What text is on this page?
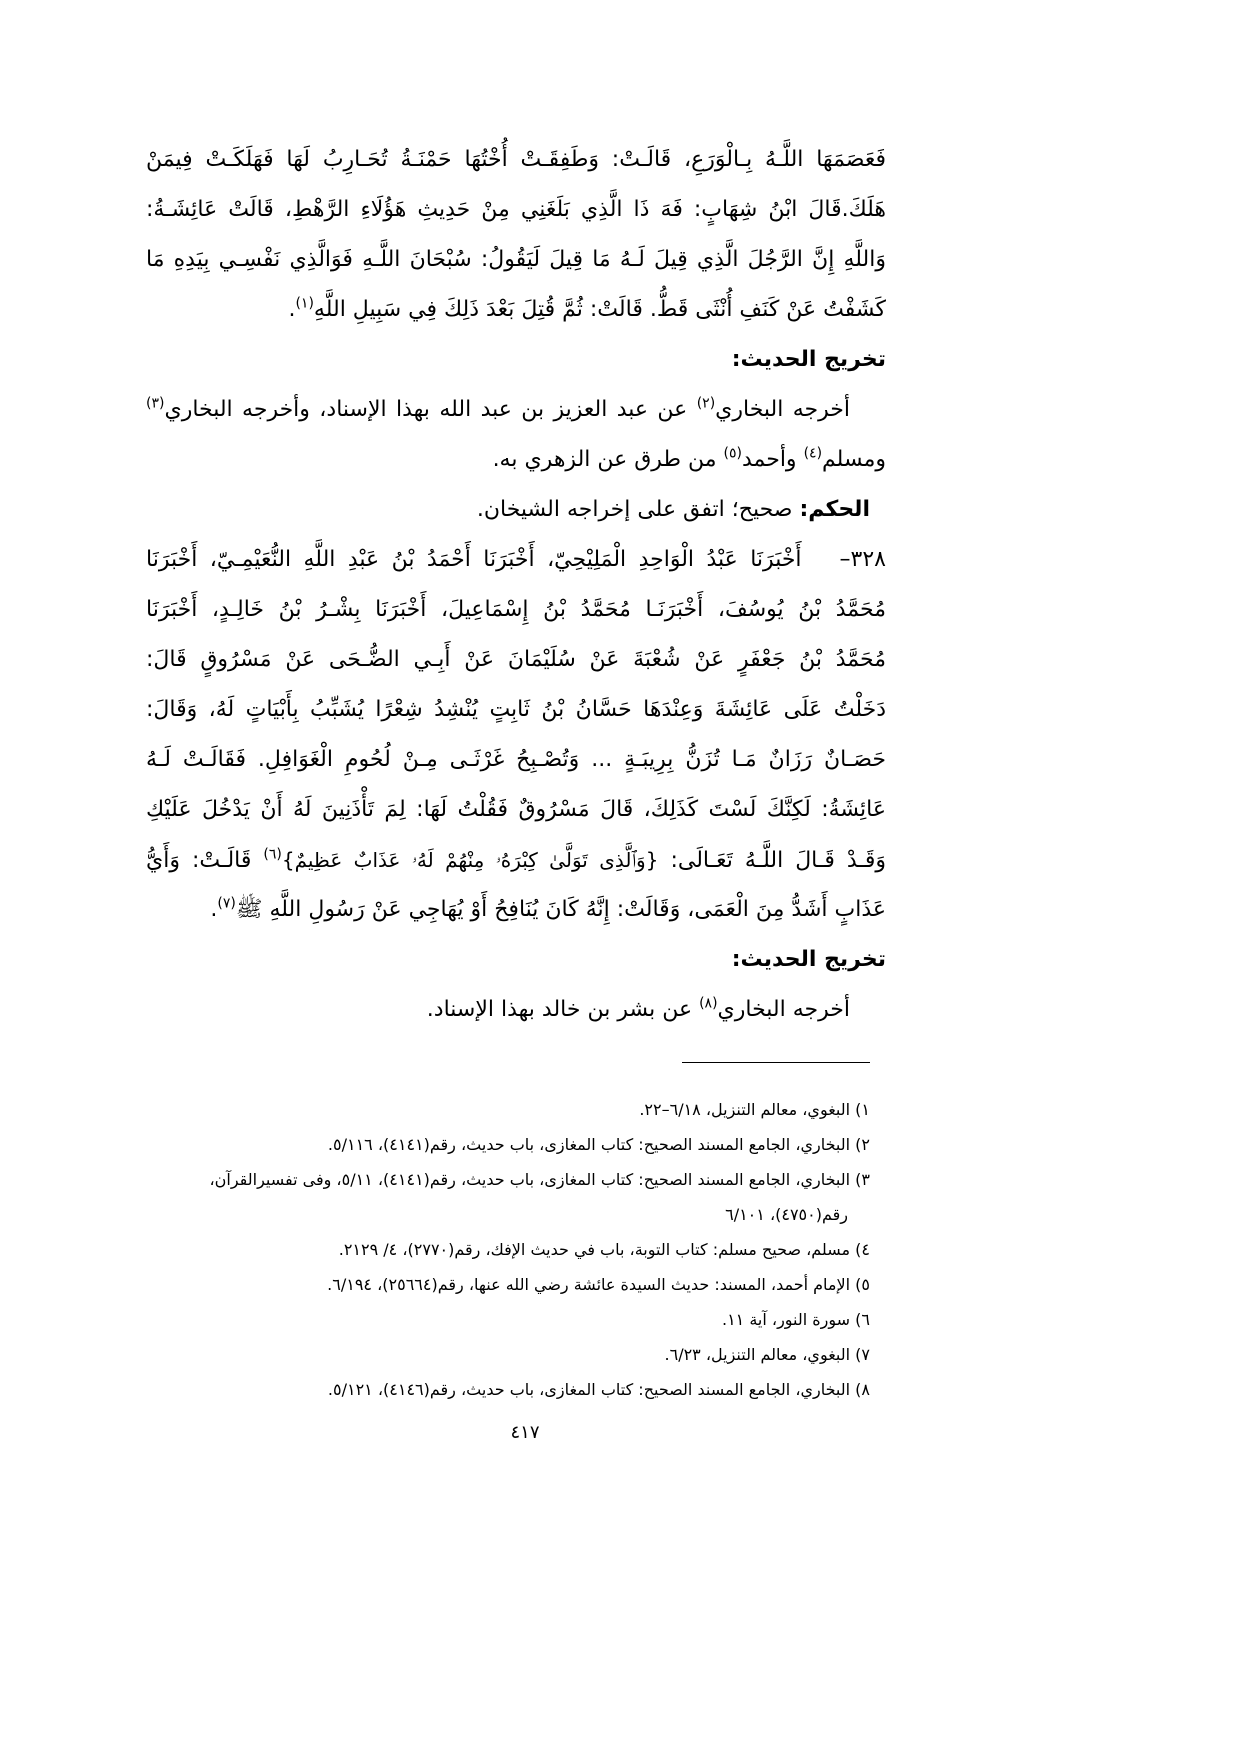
فَعَصَمَهَا اللَّـهُ بِـالْوَرَعِ، قَالَـتْ: وَطَفِقَـتْ أُخْتُهَا حَمْنَـةُ تُحَـارِبُ لَهَا فَهَلَكَـتْ فِيمَنْ
هَلَكَ.قَالَ ابْنُ شِهَابٍ: فَهَ ذَا الَّذِي بَلَغَنِي مِنْ حَدِيثِ هَؤُلَاءِ الرَّهْطِ، قَالَتْ عَائِشَـةُ:
وَاللَّهِ إِنَّ الرَّجُلَ الَّذِي قِيلَ لَـهُ مَا قِيلَ لَيَقُولُ: سُبْحَانَ اللَّـهِ فَوَالَّذِي نَفْسِـي بِيَدِهِ مَا
كَشَفْتُ عَنْ كَنَفِ أُنْثَى قَطُّ. قَالَتْ: ثُمَّ قُتِلَ بَعْدَ ذَلِكَ فِي سَبِيلِ اللَّهِ$^{(١)}$.
تخريج الحديث:
أخرجه البخاري$^{(٢)}$ عن عبد العزيز بن عبد الله بهذا الإسناد، وأخرجه البخاري$^{(٣)}$
ومسلم$^{(٤)}$ وأحمد$^{(٥)}$ من طرق عن الزهري به.
الحكم: صحيح؛ اتفق على إخراجه الشيخان.
٣٢٨–
أَخْبَرَنَا عَبْدُ الْوَاحِدِ الْمَلِيْحِيّ، أَخْبَرَنَا أَحْمَدُ بْنُ عَبْدِ اللَّهِ النُّعَيْمِـيّ، أَخْبَرَنَا
مُحَمَّدُ بْنُ يُوسُفَ، أَخْبَرَنَـا مُحَمَّدُ بْنُ إِسْمَاعِيلَ، أَخْبَرَنَا بِشْـرُ بْنُ خَالِـدٍ، أَخْبَرَنَا
مُحَمَّدُ بْنُ جَعْفَرٍ عَنْ شُعْبَةَ عَنْ سُلَيْمَانَ عَنْ أَبِـي الضُّـحَى عَنْ مَسْرُوقٍ قَالَ:
دَخَلْتُ عَلَى عَائِشَةَ وَعِنْدَهَا حَسَّانُ بْنُ ثَابِتٍ يُنْشِدُ شِعْرًا يُشَبِّبُ بِأَبْيَاتٍ لَهُ، وَقَالَ:
حَصَـانٌ رَزَانٌ مَـا تُزَنُّ بِرِيبَـةٍ ... وَتُصْـبِحُ غَرْثَـى مِـنْ لُحُومِ الْغَوَافِلِ. فَقَالَـتْ لَـهُ
عَائِشَةُ: لَكِنَّكَ لَسْتَ كَذَلِكَ، قَالَ مَسْرُوقٌ فَقُلْتُ لَهَا: لِمَ تَأْذَنِينَ لَهُ أَنْ يَدْخُلَ عَلَيْكِ
وَقَـدْ قَـالَ اللَّـهُ تَعَـالَى: {وَٱلَّذِى تَوَلَّىٰ كِبْرَهُۥ مِنْهُمْ لَهُۥ عَذَابٌ عَظِيمٌ}$^{(٦)}$ قَالَـتْ: وَأَيُّ
عَذَابٍ أَشَدُّ مِنَ الْعَمَى، وَقَالَتْ: إِنَّهُ كَانَ يُنَافِحُ أَوْ يُهَاجِي عَنْ رَسُولِ اللَّهِ ﷺ$^{(٧)}$.
تخريج الحديث:
أخرجه البخاري$^{(٨)}$ عن بشر بن خالد بهذا الإسناد.
١) البغوي، معالم التنزيل، ٦/١٨–٢٢.
٢) البخاري، الجامع المسند الصحيح: كتاب المغازى، باب حديث، رقم(٤١٤١)، ٥/١١٦.
٣) البخاري، الجامع المسند الصحيح: كتاب المغازى، باب حديث، رقم(٤١٤١)، ٥/١١، وفى تفسيرالقرآن،
رقم(٤٧٥٠)، ٦/١٠١
٤) مسلم، صحيح مسلم: كتاب التوبة، باب في حديث الإفك، رقم(٢٧٧٠)، ٤/ ٢١٢٩.
٥) الإمام أحمد، المسند: حديث السيدة عائشة رضي الله عنها، رقم(٢٥٦٦٤)، ٦/١٩٤.
٦) سورة النور، آية ١١.
٧) البغوي، معالم التنزيل، ٦/٢٣.
٨) البخاري، الجامع المسند الصحيح: كتاب المغازى، باب حديث، رقم(٤١٤٦)، ٥/١٢١.
٤١٧
